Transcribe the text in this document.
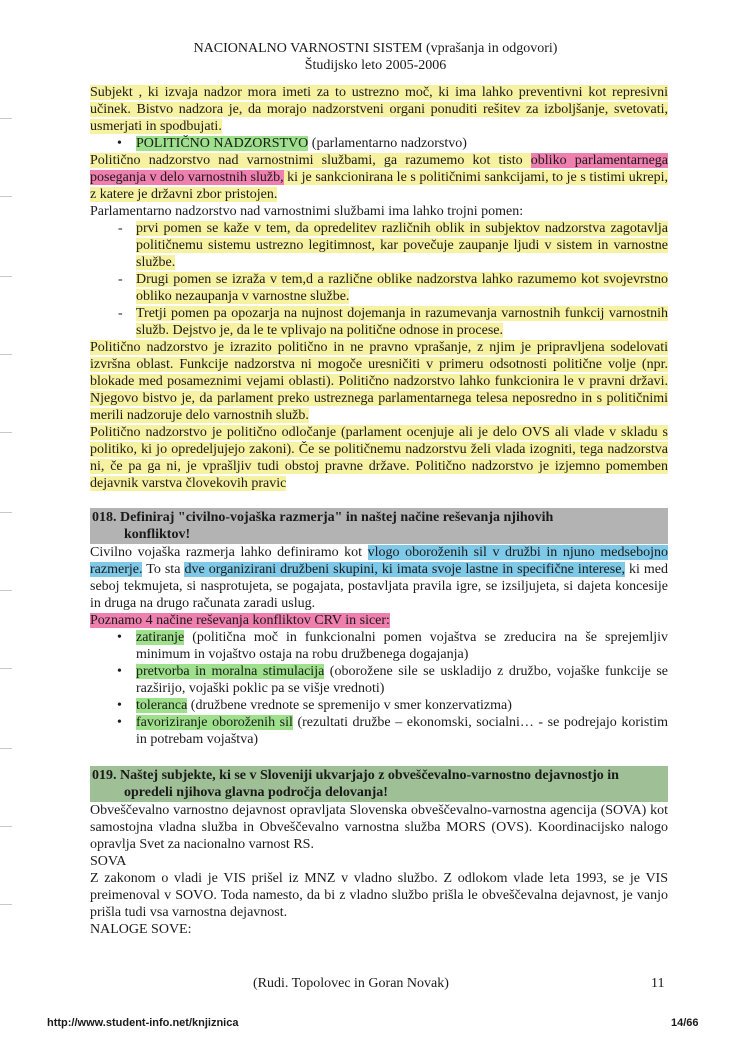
NACIONALNO VARNOSTNI SISTEM (vprašanja in odgovori)
Študijsko leto 2005-2006

Subjekt , ki izvaja nadzor mora imeti za to ustrezno moč, ki ima lahko preventivni kot represivni učinek. Bistvo nadzora je, da morajo nadzorstveni organi ponuditi rešitev za izboljšanje, svetovati, usmerjati in spodbujati.

• POLITIČNO NADZORSTVO (parlamentarno nadzorstvo)

Politično nadzorstvo nad varnostnimi službami, ga razumemo kot tisto obliko parlamentarnega poseganja v delo varnostnih služb, ki je sankcionirana le s političnimi sankcijami, to je s tistimi ukrepi, z katere je državni zbor pristojen.

Parlamentarno nadzorstvo nad varnostnimi službami ima lahko trojni pomen:

- prvi pomen se kaže v tem, da opredelitev različnih oblik in subjektov nadzorstva zagotavlja političnemu sistemu ustrezno legitimnost, kar povečuje zaupanje ljudi v sistem in varnostne službe.

- Drugi pomen se izraža v tem,d a različne oblike nadzorstva lahko razumemo kot svojevrstno obliko nezaupanja v varnostne službe.

- Tretji pomen pa opozarja na nujnost dojemanja in razumevanja varnostnih funkcij varnostnih služb. Dejstvo je, da le te vplivajo na politične odnose in procese.

Politično nadzorstvo je izrazito politično in ne pravno vprašanje, z njim je pripravljena sodelovati izvršna oblast. Funkcije nadzorstva ni mogoče uresničiti v primeru odsotnosti politične volje (npr. blokade med posameznimi vejami oblasti). Politično nadzorstvo lahko funkcionira le v pravni državi. Njegovo bistvo je, da parlament preko ustreznega parlamentarnega telesa neposredno in s političnimi merili nadzoruje delo varnostnih služb.

Politično nadzorstvo je politično odločanje (parlament ocenjuje ali je delo OVS ali vlade v skladu s politiko, ki jo opredeljujejo zakoni). Če se političnemu nadzorstvu želi vlada izogniti, tega nadzorstva ni, če pa ga ni, je vprašljiv tudi obstoj pravne države. Politično nadzorstvo je izjemno pomemben dejavnik varstva človekovih pravic

018. Definiraj "civilno-vojaška razmerja" in naštej načine reševanja njihovih
konfliktov!

Civilno vojaška razmerja lahko definiramo kot vlogo oboroženih sil v družbi in njuno medsebojno razmerje. To sta dve organizirani družbeni skupini, ki imata svoje lastne in specifične interese, ki med seboj tekmujeta, si nasprotujeta, se pogajata, postavljata pravila igre, se izsiljujeta, si dajeta koncesije in druga na drugo računata zaradi uslug.

Poznamo 4 načine reševanja konfliktov CRV in sicer:

• zatiranje (politična moč in funkcionalni pomen vojaštva se zreducira na še sprejemljiv minimum in vojaštvo ostaja na robu družbenega dogajanja)

• pretvorba in moralna stimulacija (oborožene sile se uskladijo z družbo, vojaške funkcije se razširijo, vojaški poklic pa se višje vrednoti)

• toleranca (družbene vrednote se spremenijo v smer konzervatizma)

• favoriziranje oboroženih sil (rezultati družbe – ekonomski, socialni… - se podrejajo koristim in potrebam vojaštva)

019. Naštej subjekte, ki se v Sloveniji ukvarjajo z obveščevalno-varnostno dejavnostjo in
opredeli njihova glavna področja delovanja!

Obveščevalno varnostno dejavnost opravljata Slovenska obveščevalno-varnostna agencija (SOVA) kot samostojna vladna služba in Obveščevalno varnostna služba MORS (OVS). Koordinacijsko nalogo opravlja Svet za nacionalno varnost RS.

SOVA

Z zakonom o vladi je VIS prišel iz MNZ v vladno službo. Z odlokom vlade leta 1993, se je VIS preimenoval v SOVO. Toda namesto, da bi z vladno službo prišla le obveščevalna dejavnost, je vanjo prišla tudi vsa varnostna dejavnost.

NALOGE SOVE:

(Rudi. Topolovec in Goran Novak)	11
http://www.student-info.net/knjiznica	14/66
